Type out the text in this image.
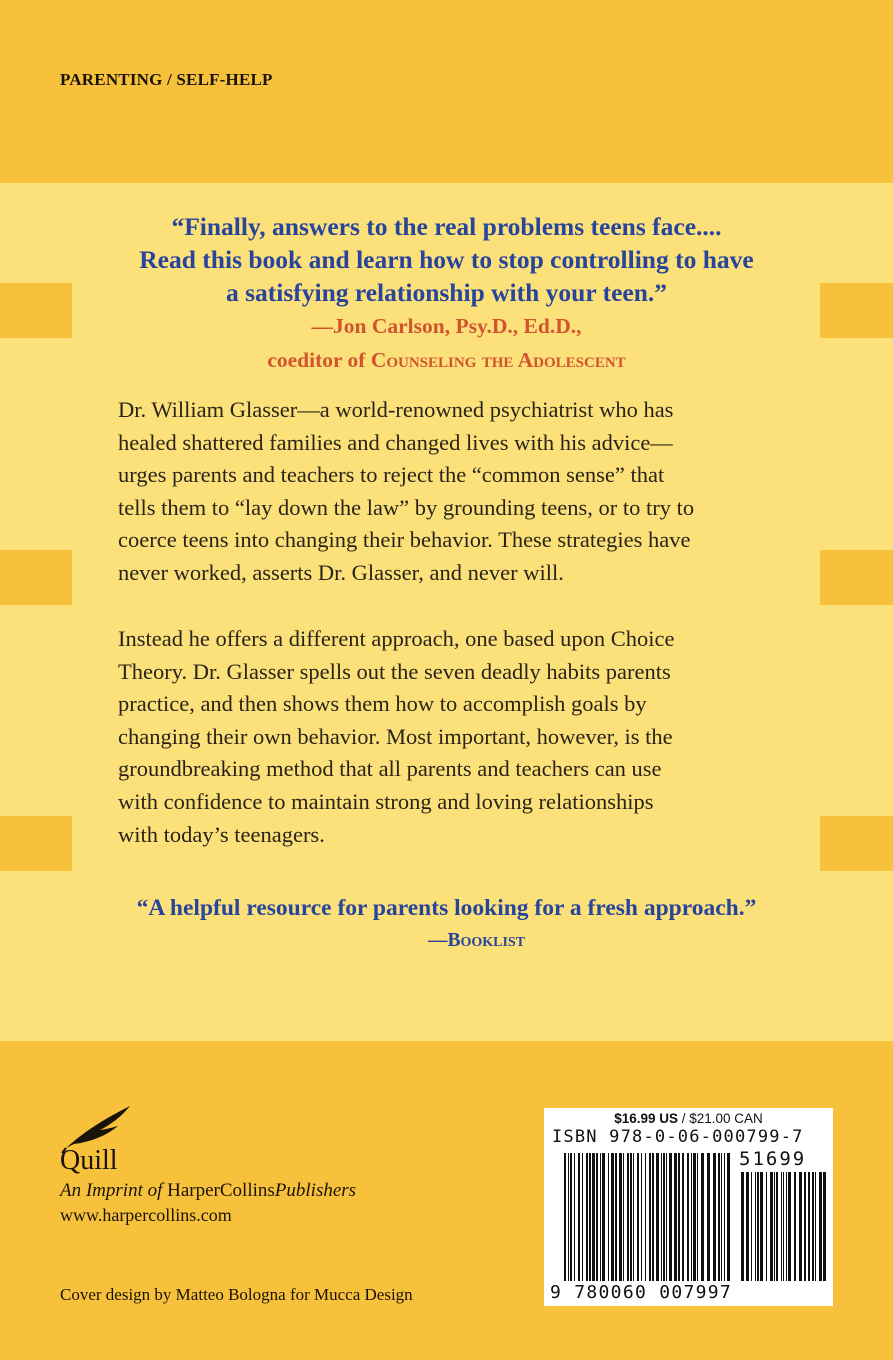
PARENTING / SELF-HELP
“Finally, answers to the real problems teens face....
Read this book and learn how to stop controlling to have
a satisfying relationship with your teen.”
—Jon Carlson, Psy.D., Ed.D.,
coeditor of Counseling the Adolescent
Dr. William Glasser—a world-renowned psychiatrist who has
healed shattered families and changed lives with his advice—
urges parents and teachers to reject the “common sense” that
tells them to “lay down the law” by grounding teens, or to try to
coerce teens into changing their behavior. These strategies have
never worked, asserts Dr. Glasser, and never will.
Instead he offers a different approach, one based upon Choice
Theory. Dr. Glasser spells out the seven deadly habits parents
practice, and then shows them how to accomplish goals by
changing their own behavior. Most important, however, is the
groundbreaking method that all parents and teachers can use
with confidence to maintain strong and loving relationships
with today’s teenagers.
“A helpful resource for parents looking for a fresh approach.”
—Booklist
Quill
An Imprint of HarperCollinsPublishers
www.harpercollins.com
Cover design by Matteo Bologna for Mucca Design
$16.99 US / $21.00 CAN
ISBN 978-0-06-000799-7
51699
9 780060 007997
